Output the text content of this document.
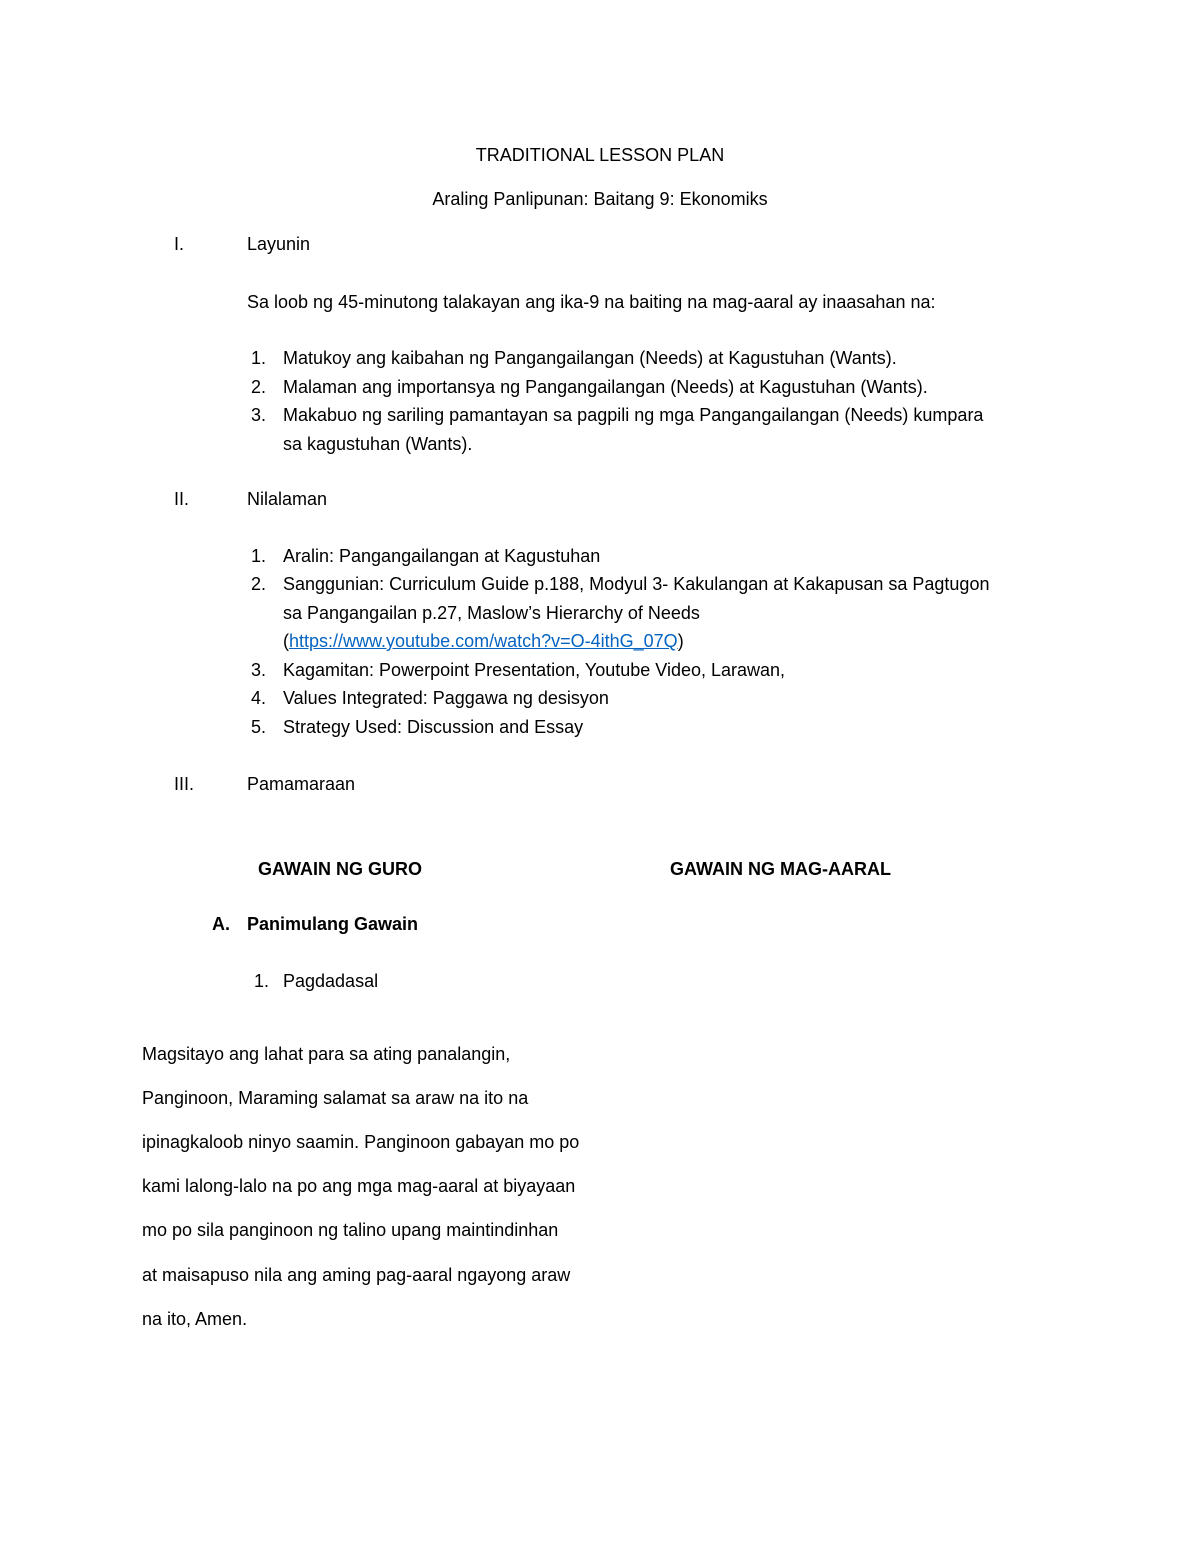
TRADITIONAL LESSON PLAN
Araling Panlipunan: Baitang 9: Ekonomiks
I.	Layunin
Sa loob ng 45-minutong talakayan ang ika-9 na baiting na mag-aaral ay inaasahan na:
1. Matukoy ang kaibahan ng Pangangailangan (Needs) at Kagustuhan (Wants).
2. Malaman ang importansya ng Pangangailangan (Needs) at Kagustuhan (Wants).
3. Makabuo ng sariling pamantayan sa pagpili ng mga Pangangailangan (Needs) kumpara
sa kagustuhan (Wants).
II.	Nilalaman
1. Aralin: Pangangailangan at Kagustuhan
2. Sanggunian: Curriculum Guide p.188, Modyul 3- Kakulangan at Kakapusan sa Pagtugon
sa Pangangailan p.27, Maslow’s Hierarchy of Needs
(https://www.youtube.com/watch?v=O-4ithG_07Q)
3. Kagamitan: Powerpoint Presentation, Youtube Video, Larawan,
4. Values Integrated: Paggawa ng desisyon
5. Strategy Used: Discussion and Essay
III.	Pamamaraan
GAWAIN NG GURO	GAWAIN NG MAG-AARAL
A. Panimulang Gawain
1. Pagdadasal
Magsitayo ang lahat para sa ating panalangin,
Panginoon, Maraming salamat sa araw na ito na
ipinagkaloob ninyo saamin. Panginoon gabayan mo po
kami lalong-lalo na po ang mga mag-aaral at biyayaan
mo po sila panginoon ng talino upang maintindinhan
at maisapuso nila ang aming pag-aaral ngayong araw
na ito, Amen.
